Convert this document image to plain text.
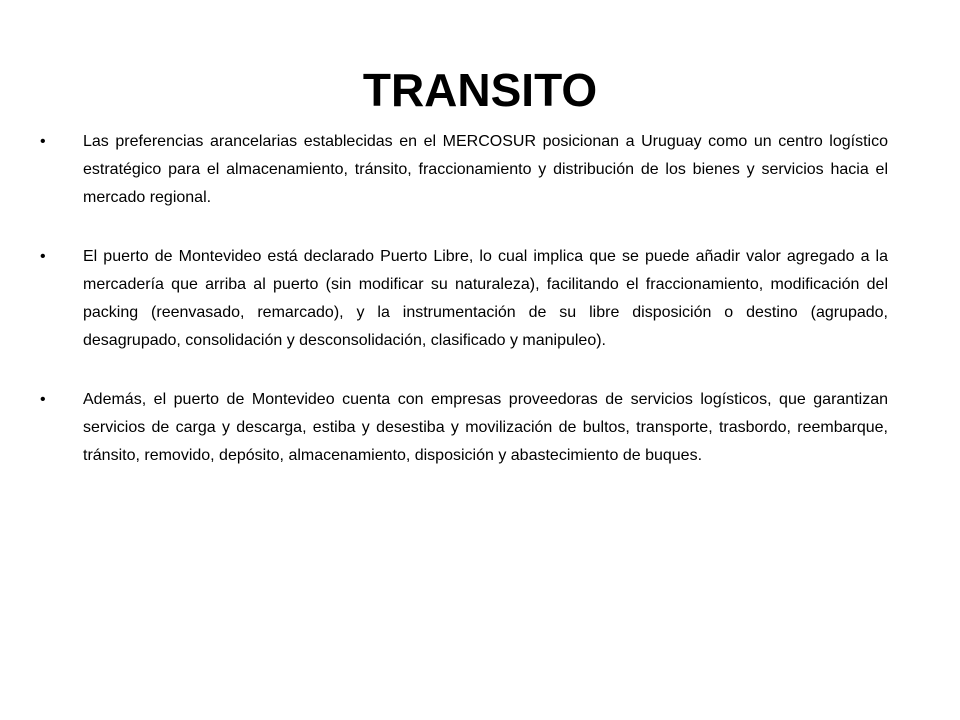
TRANSITO
•	Las preferencias arancelarias establecidas en el MERCOSUR posicionan a Uruguay como un centro logístico estratégico para el almacenamiento, tránsito, fraccionamiento y distribución de los bienes y servicios hacia el mercado regional.
•	El puerto de Montevideo está declarado Puerto Libre, lo cual implica que se puede añadir valor agregado a la mercadería que arriba al puerto (sin modificar su naturaleza), facilitando el fraccionamiento, modificación del packing (reenvasado, remarcado), y la instrumentación de su libre disposición o destino (agrupado, desagrupado, consolidación y desconsolidación, clasificado y manipuleo).
•	Además, el puerto de Montevideo cuenta con empresas proveedoras de servicios logísticos, que garantizan servicios de carga y descarga, estiba y desestiba y movilización de bultos, transporte, trasbordo, reembarque, tránsito, removido, depósito, almacenamiento, disposición y abastecimiento de buques.
